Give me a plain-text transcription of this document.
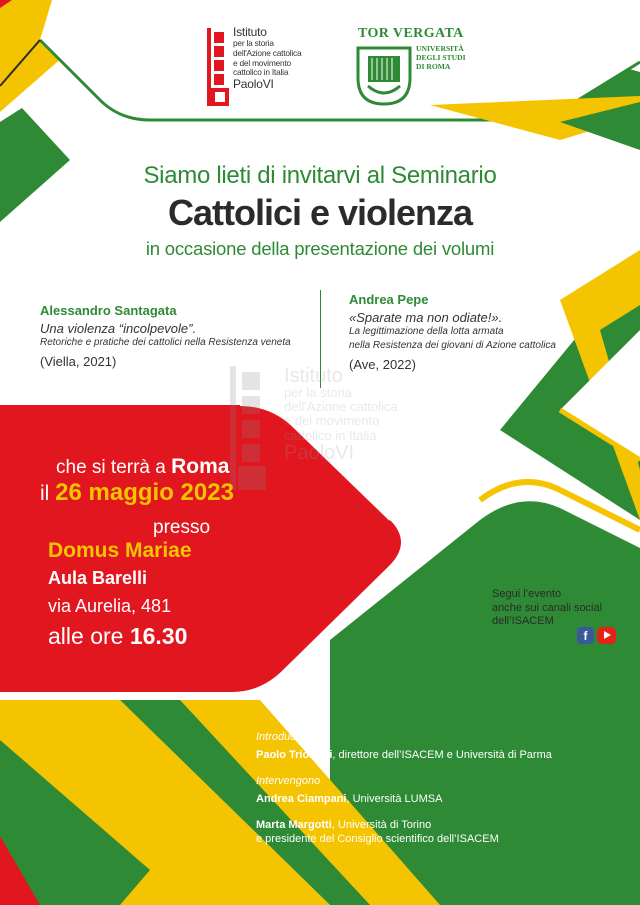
Istituto
per la storia
dell'Azione cattolica
e del movimento
cattolico in Italia
PaoloVI
TOR VERGATA
UNIVERSITÀ
DEGLI STUDI
DI ROMA
Siamo lieti di invitarvi al Seminario
Cattolici e violenza
in occasione della presentazione dei volumi
Alessandro Santagata
Una violenza “incolpevole”.
Retoriche e pratiche dei cattolici nella Resistenza veneta
(Viella, 2021)
Andrea Pepe
«Sparate ma non odiate!».
La legittimazione della lotta armata
nella Resistenza dei giovani di Azione cattolica
(Ave, 2022)
Istituto
per la storia
dell'Azione cattolica
e del movimento
cattolico in Italia
PaoloVI
che si terrà a Roma
il 26 maggio 2023
presso
Domus Mariae
Aula Barelli
via Aurelia, 481
alle ore 16.30
Segui l’evento
anche sui canali social
dell’ISACEM
f
Introduce
Paolo Trionfini, direttore dell’ISACEM e Università di Parma
Intervengono
Andrea Ciampani, Università LUMSA
Marta Margotti, Università di Torino
e presidente del Consiglio scientifico dell’ISACEM
